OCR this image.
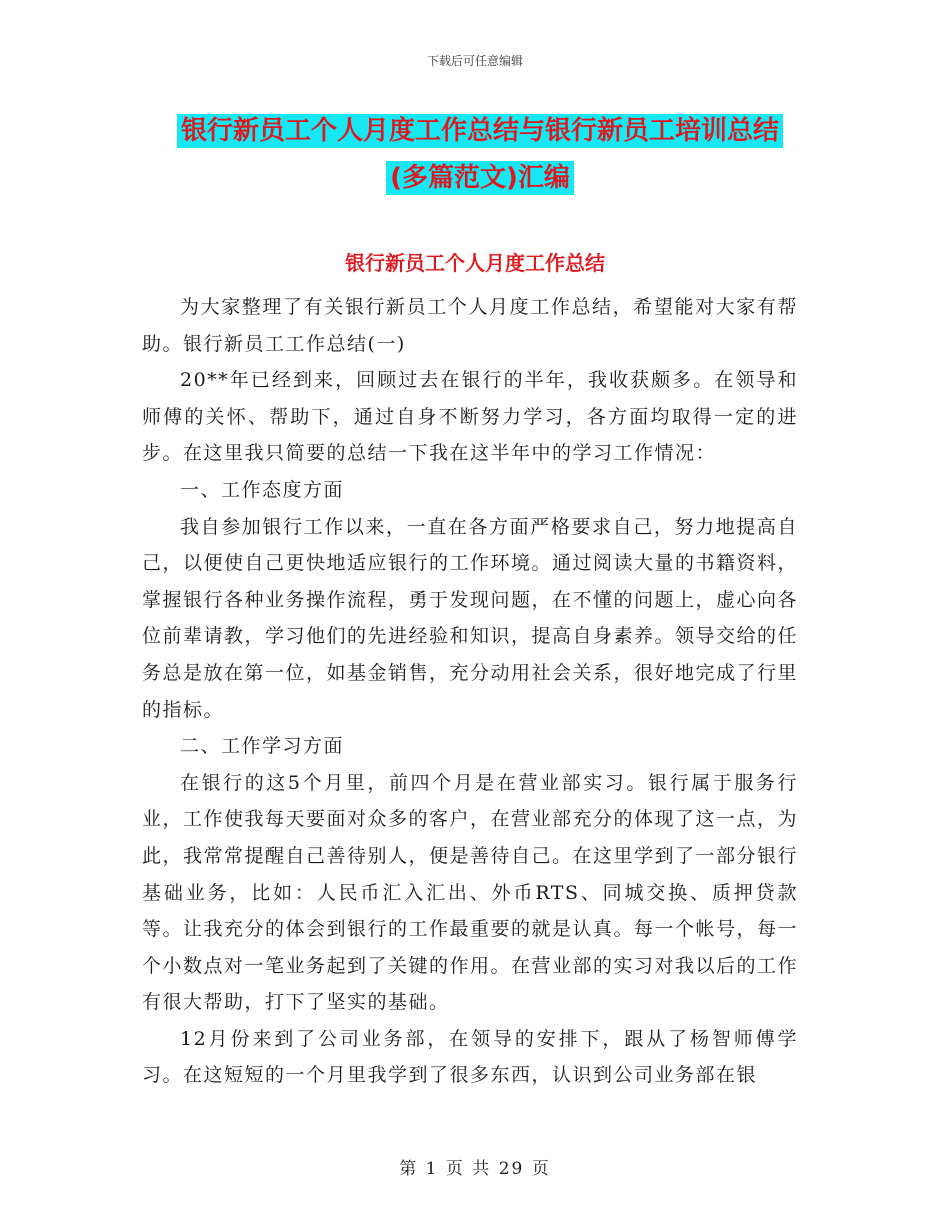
下载后可任意编辑
银行新员工个人月度工作总结与银行新员工培训总结
(多篇范文)汇编
银行新员工个人月度工作总结

为大家整理了有关银行新员工个人月度工作总结，希望能对大家有帮助。银行新员工工作总结(一)

20**年已经到来，回顾过去在银行的半年，我收获颇多。在领导和师傅的关怀、帮助下，通过自身不断努力学习，各方面均取得一定的进步。在这里我只简要的总结一下我在这半年中的学习工作情况：

一、工作态度方面

我自参加银行工作以来，一直在各方面严格要求自己，努力地提高自己，以便使自己更快地适应银行的工作环境。通过阅读大量的书籍资料，掌握银行各种业务操作流程，勇于发现问题，在不懂的问题上，虚心向各位前辈请教，学习他们的先进经验和知识，提高自身素养。领导交给的任务总是放在第一位，如基金销售，充分动用社会关系，很好地完成了行里的指标。

二、工作学习方面

在银行的这5个月里，前四个月是在营业部实习。银行属于服务行业，工作使我每天要面对众多的客户，在营业部充分的体现了这一点，为此，我常常提醒自己善待别人，便是善待自己。在这里学到了一部分银行基础业务，比如：人民币汇入汇出、外币RTS、同城交换、质押贷款等。让我充分的体会到银行的工作最重要的就是认真。每一个帐号，每一个小数点对一笔业务起到了关键的作用。在营业部的实习对我以后的工作有很大帮助，打下了坚实的基础。

12月份来到了公司业务部，在领导的安排下，跟从了杨智师傅学习。在这短短的一个月里我学到了很多东西，认识到公司业务部在银

第 1 页 共 29 页
